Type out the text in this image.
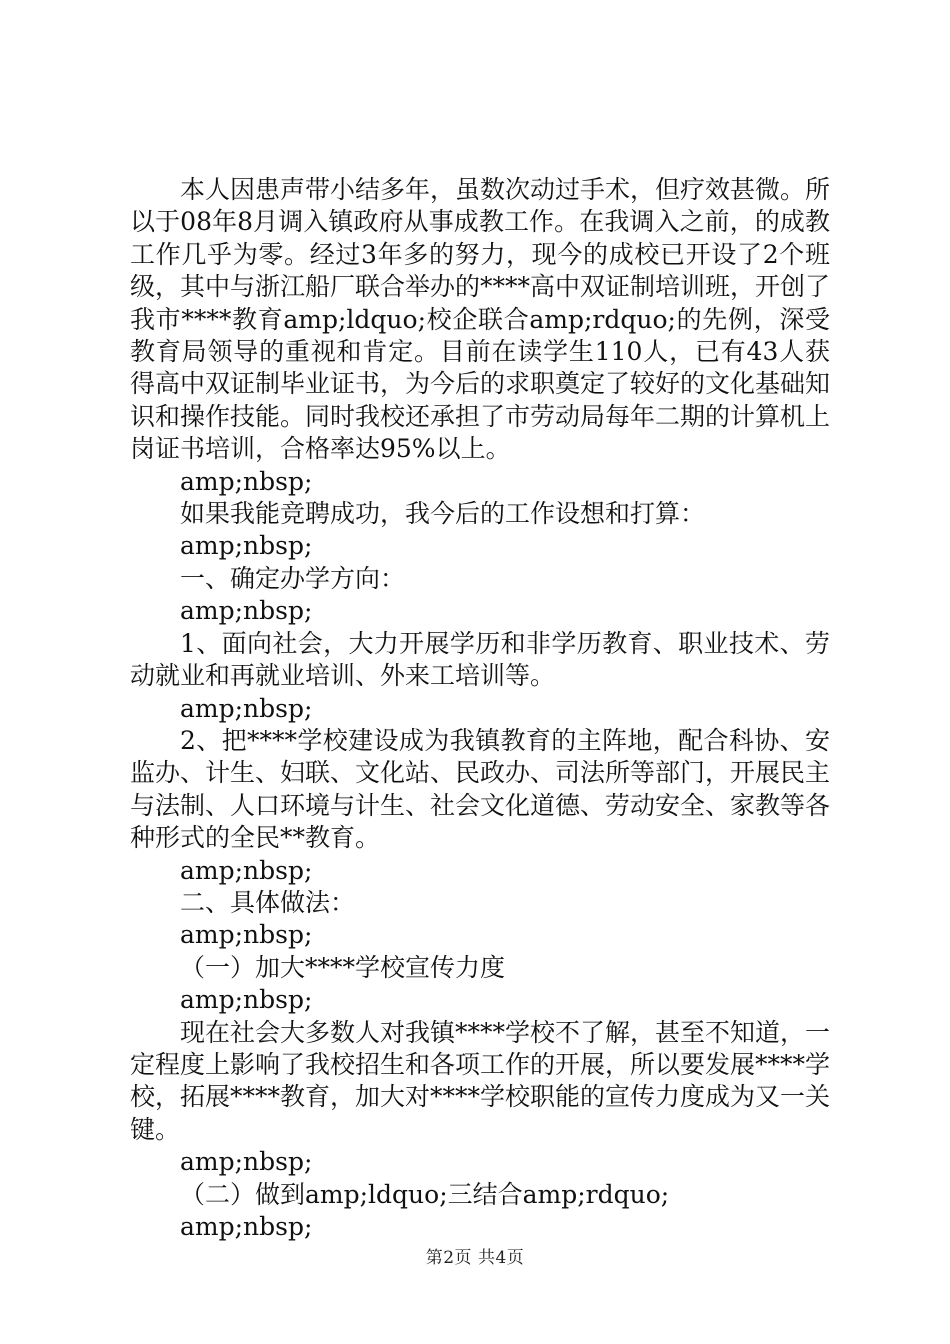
本人因患声带小结多年，虽数次动过手术，但疗效甚微。所以于08年8月调入镇政府从事成教工作。在我调入之前，的成教工作几乎为零。经过3年多的努力，现今的成校已开设了2个班级，其中与浙江船厂联合举办的****高中双证制培训班，开创了我市****教育amp;ldquo;校企联合amp;rdquo;的先例，深受教育局领导的重视和肯定。目前在读学生110人，已有43人获得高中双证制毕业证书，为今后的求职奠定了较好的文化基础知识和操作技能。同时我校还承担了市劳动局每年二期的计算机上岗证书培训，合格率达95%以上。

amp;nbsp;

如果我能竞聘成功，我今后的工作设想和打算：

amp;nbsp;

一、确定办学方向：

amp;nbsp;

1、面向社会，大力开展学历和非学历教育、职业技术、劳动就业和再就业培训、外来工培训等。

amp;nbsp;

2、把****学校建设成为我镇教育的主阵地，配合科协、安监办、计生、妇联、文化站、民政办、司法所等部门，开展民主与法制、人口环境与计生、社会文化道德、劳动安全、家教等各种形式的全民**教育。

amp;nbsp;

二、具体做法：

amp;nbsp;

（一）加大****学校宣传力度

amp;nbsp;

现在社会大多数人对我镇****学校不了解，甚至不知道，一定程度上影响了我校招生和各项工作的开展，所以要发展****学校，拓展****教育，加大对****学校职能的宣传力度成为又一关键。

amp;nbsp;

（二）做到amp;ldquo;三结合amp;rdquo;

amp;nbsp;

第2页 共4页
